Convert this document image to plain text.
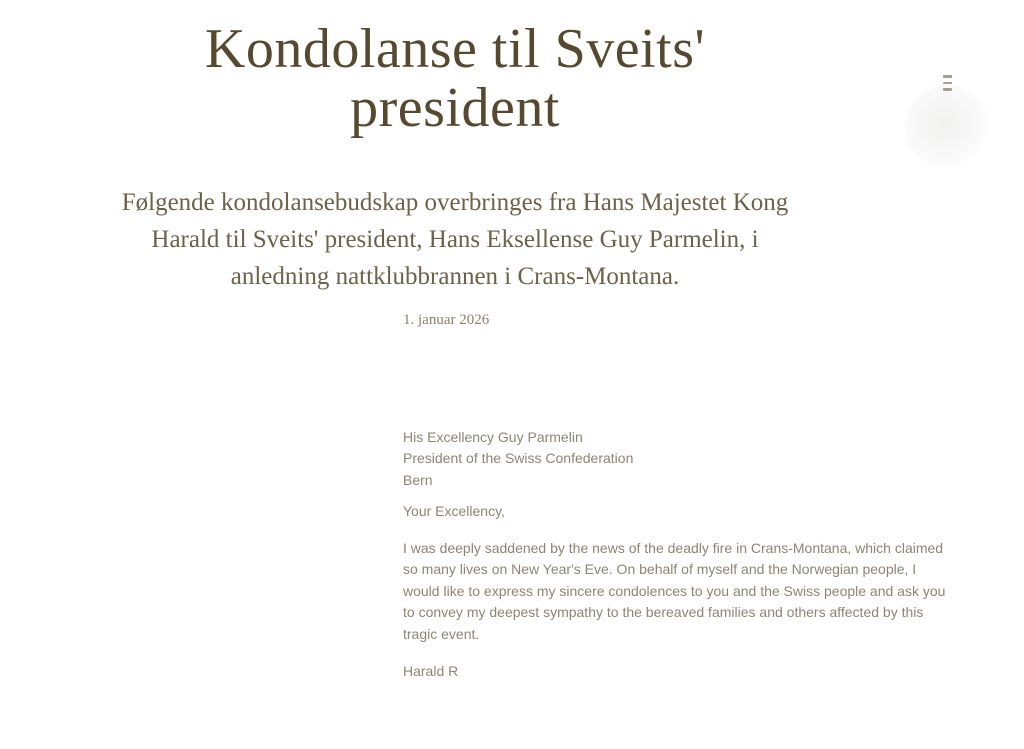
Kondolanse til Sveits' president

Følgende kondolansebudskap overbringes fra Hans Majestet Kong Harald til Sveits' president, Hans Eksellense Guy Parmelin, i anledning nattklubbrannen i Crans-Montana.

1. januar 2026

His Excellency Guy Parmelin

President of the Swiss Confederation

Bern

Your Excellency,

I was deeply saddened by the news of the deadly fire in Crans-Montana, which claimed so many lives on New Year's Eve. On behalf of myself and the Norwegian people, I would like to express my sincere condolences to you and the Swiss people and ask you to convey my deepest sympathy to the bereaved families and others affected by this tragic event.

Harald R
